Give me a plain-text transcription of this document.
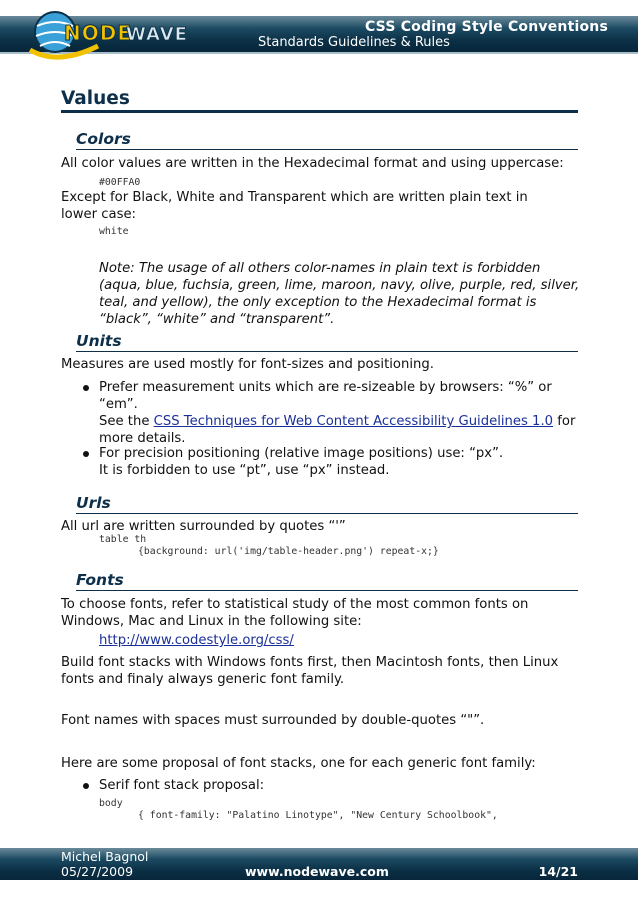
NODE
WAVE	CSS Coding Style Conventions
Standards Guidelines & Rules
Values
Colors
All color values are written in the Hexadecimal format and using uppercase:
#00FFA0
Except for Black, White and Transparent which are written plain text in lower case:
white
Note: The usage of all others color-names in plain text is forbidden (aqua, blue, fuchsia, green, lime, maroon, navy, olive, purple, red, silver, teal, and yellow), the only exception to the Hexadecimal format is “black”, “white” and “transparent”.
Units
Measures are used mostly for font-sizes and positioning.
Prefer measurement units which are re-sizeable by browsers: “%” or “em”.
See the CSS Techniques for Web Content Accessibility Guidelines 1.0 for more details.
For precision positioning (relative image positions) use: “px”.
It is forbidden to use “pt”, use “px” instead.
Urls
All url are written surrounded by quotes “'”
table th
{background: url('img/table-header.png') repeat-x;}
Fonts
To choose fonts, refer to statistical study of the most common fonts on Windows, Mac and Linux in the following site:
http://www.codestyle.org/css/
Build font stacks with Windows fonts first, then Macintosh fonts, then Linux fonts and finaly always generic font family.
Font names with spaces must surrounded by double-quotes “"”.
Here are some proposal of font stacks, one for each generic font family:
Serif font stack proposal:
body
{ font-family: "Palatino Linotype", "New Century Schoolbook",
Michel Bagnol
05/27/2009	www.nodewave.com	14/21
